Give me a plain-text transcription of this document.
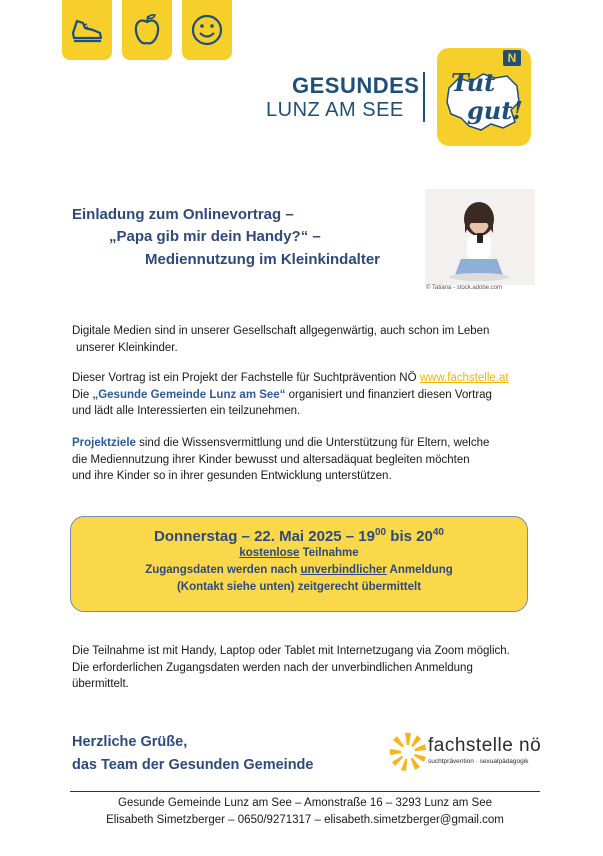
GESUNDES
LUNZ AM SEE
N
Tut
gut!
Einladung zum Onlinevortrag –
„Papa gib mir dein Handy?“ –
Mediennutzung im Kleinkindalter
© Tatiana - stock.adobe.com
Digitale Medien sind in unserer Gesellschaft allgegenwärtig, auch schon im Leben
unserer Kleinkinder.
Dieser Vortrag ist ein Projekt der Fachstelle für Suchtprävention NÖ www.fachstelle.at
Die „Gesunde Gemeinde Lunz am See“ organisiert und finanziert diesen Vortrag
und lädt alle Interessierten ein teilzunehmen.
Projektziele sind die Wissensvermittlung und die Unterstützung für Eltern, welche
die Mediennutzung ihrer Kinder bewusst und altersadäquat begleiten möchten
und ihre Kinder so in ihrer gesunden Entwicklung unterstützen.
Donnerstag – 22. Mai $2025 - 19^{00}$ bis $20^{40}$
kostenlose Teilnahme
Zugangsdaten werden nach unverbindlicher Anmeldung
(Kontakt siehe unten) zeitgerecht übermittelt
Die Teilnahme ist mit Handy, Laptop oder Tablet mit Internetzugang via Zoom möglich.
Die erforderlichen Zugangsdaten werden nach der unverbindlichen Anmeldung
übermittelt.
Herzliche Grüße,
das Team der Gesunden Gemeinde
fachstelle nö
suchtprävention · sexualpädagogik
Gesunde Gemeinde Lunz am See – Amonstraße 16 – 3293 Lunz am See
Elisabeth Simetzberger – 0650/9271317 – elisabeth.simetzberger@gmail.com
